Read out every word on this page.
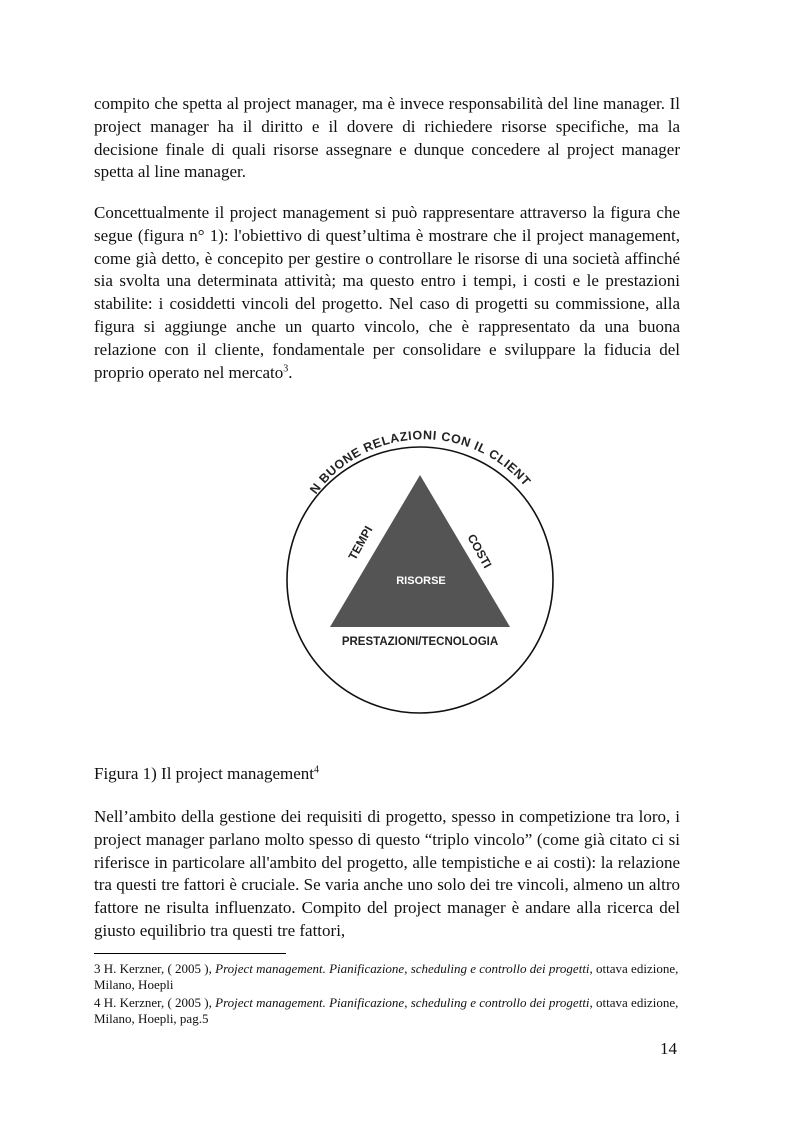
compito che spetta al project manager, ma è invece responsabilità del line manager. Il project manager ha il diritto e il dovere di richiedere risorse specifiche, ma la decisione finale di quali risorse assegnare e dunque concedere al project manager spetta al line manager.

Concettualmente il project management si può rappresentare attraverso la figura che segue (figura n° 1): l'obiettivo di quest’ultima è mostrare che il project management, come già detto, è concepito per gestire o controllare le risorse di una società affinché sia svolta una determinata attività; ma questo entro i tempi, i costi e le prestazioni stabilite: i cosiddetti vincoli del progetto. Nel caso di progetti su commissione, alla figura si aggiunge anche un quarto vincolo, che è rappresentato da una buona relazione con il cliente, fondamentale per consolidare e sviluppare la fiducia del proprio operato nel mercato$^3$.

N BUONE RELAZIONI CON IL CLIENT
TEMPI	COSTI
RISORSE
PRESTAZIONI/TECNOLOGIA

Figura 1) Il project management$^4$

Nell’ambito della gestione dei requisiti di progetto, spesso in competizione tra loro, i project manager parlano molto spesso di questo “triplo vincolo” (come già citato ci si riferisce in particolare all'ambito del progetto, alle tempistiche e ai costi): la relazione tra questi tre fattori è cruciale. Se varia anche uno solo dei tre vincoli, almeno un altro fattore ne risulta influenzato. Compito del project manager è andare alla ricerca del giusto equilibrio tra questi tre fattori,

3 H. Kerzner, ( 2005 ), Project management. Pianificazione, scheduling e controllo dei progetti, ottava edizione, Milano, Hoepli

4 H. Kerzner, ( 2005 ), Project management. Pianificazione, scheduling e controllo dei progetti, ottava edizione, Milano, Hoepli, pag.5

14
